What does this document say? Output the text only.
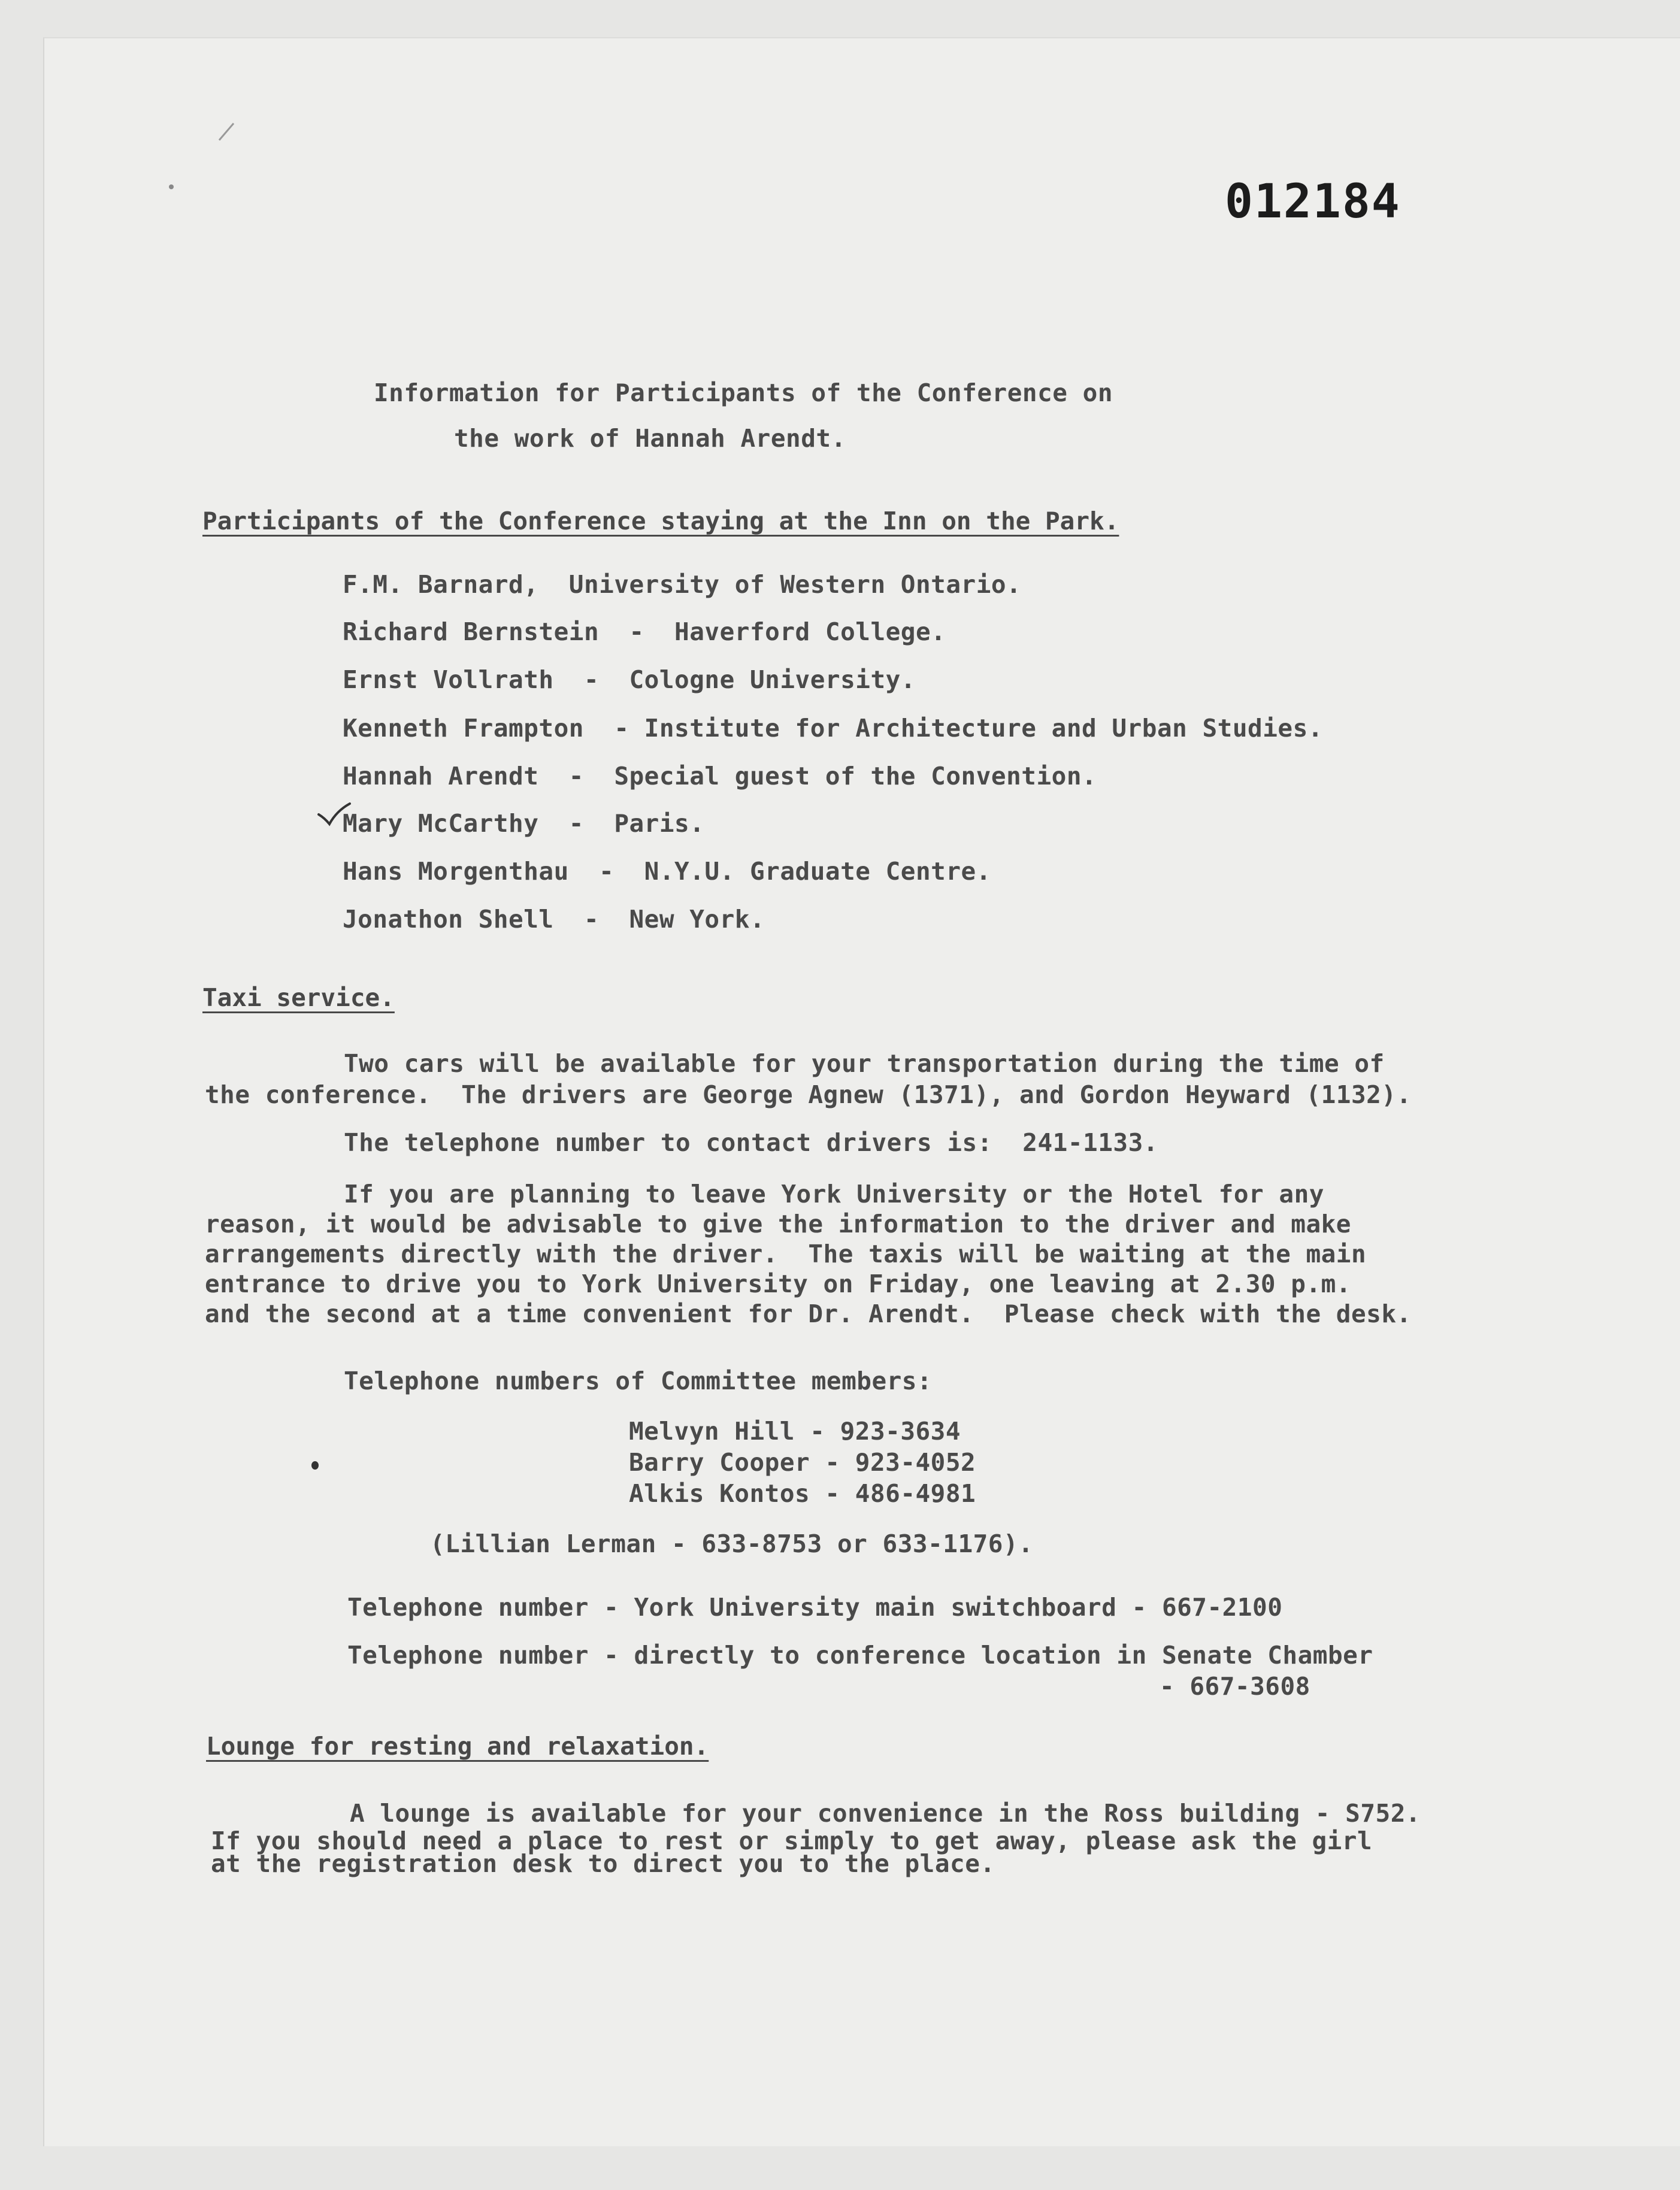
012184
Information for Participants of the Conference on
the work of Hannah Arendt.
Participants of the Conference staying at the Inn on the Park.
F.M. Barnard,  University of Western Ontario.
Richard Bernstein  -  Haverford College.
Ernst Vollrath  -  Cologne University.
Kenneth Frampton  - Institute for Architecture and Urban Studies.
Hannah Arendt  -  Special guest of the Convention.
Mary McCarthy  -  Paris.
Hans Morgenthau  -  N.Y.U. Graduate Centre.
Jonathon Shell  -  New York.
Taxi service.
Two cars will be available for your transportation during the time of
the conference.  The drivers are George Agnew (1371), and Gordon Heyward (1132).
The telephone number to contact drivers is:  241-1133.
If you are planning to leave York University or the Hotel for any
reason, it would be advisable to give the information to the driver and make
arrangements directly with the driver.  The taxis will be waiting at the main
entrance to drive you to York University on Friday, one leaving at 2.30 p.m.
and the second at a time convenient for Dr. Arendt.  Please check with the desk.
Telephone numbers of Committee members:
Melvyn Hill - 923-3634
Barry Cooper - 923-4052
Alkis Kontos - 486-4981
(Lillian Lerman - 633-8753 or 633-1176).
Telephone number - York University main switchboard - 667-2100
Telephone number - directly to conference location in Senate Chamber
- 667-3608
Lounge for resting and relaxation.
A lounge is available for your convenience in the Ross building - S752.
If you should need a place to rest or simply to get away, please ask the girl
at the registration desk to direct you to the place.
